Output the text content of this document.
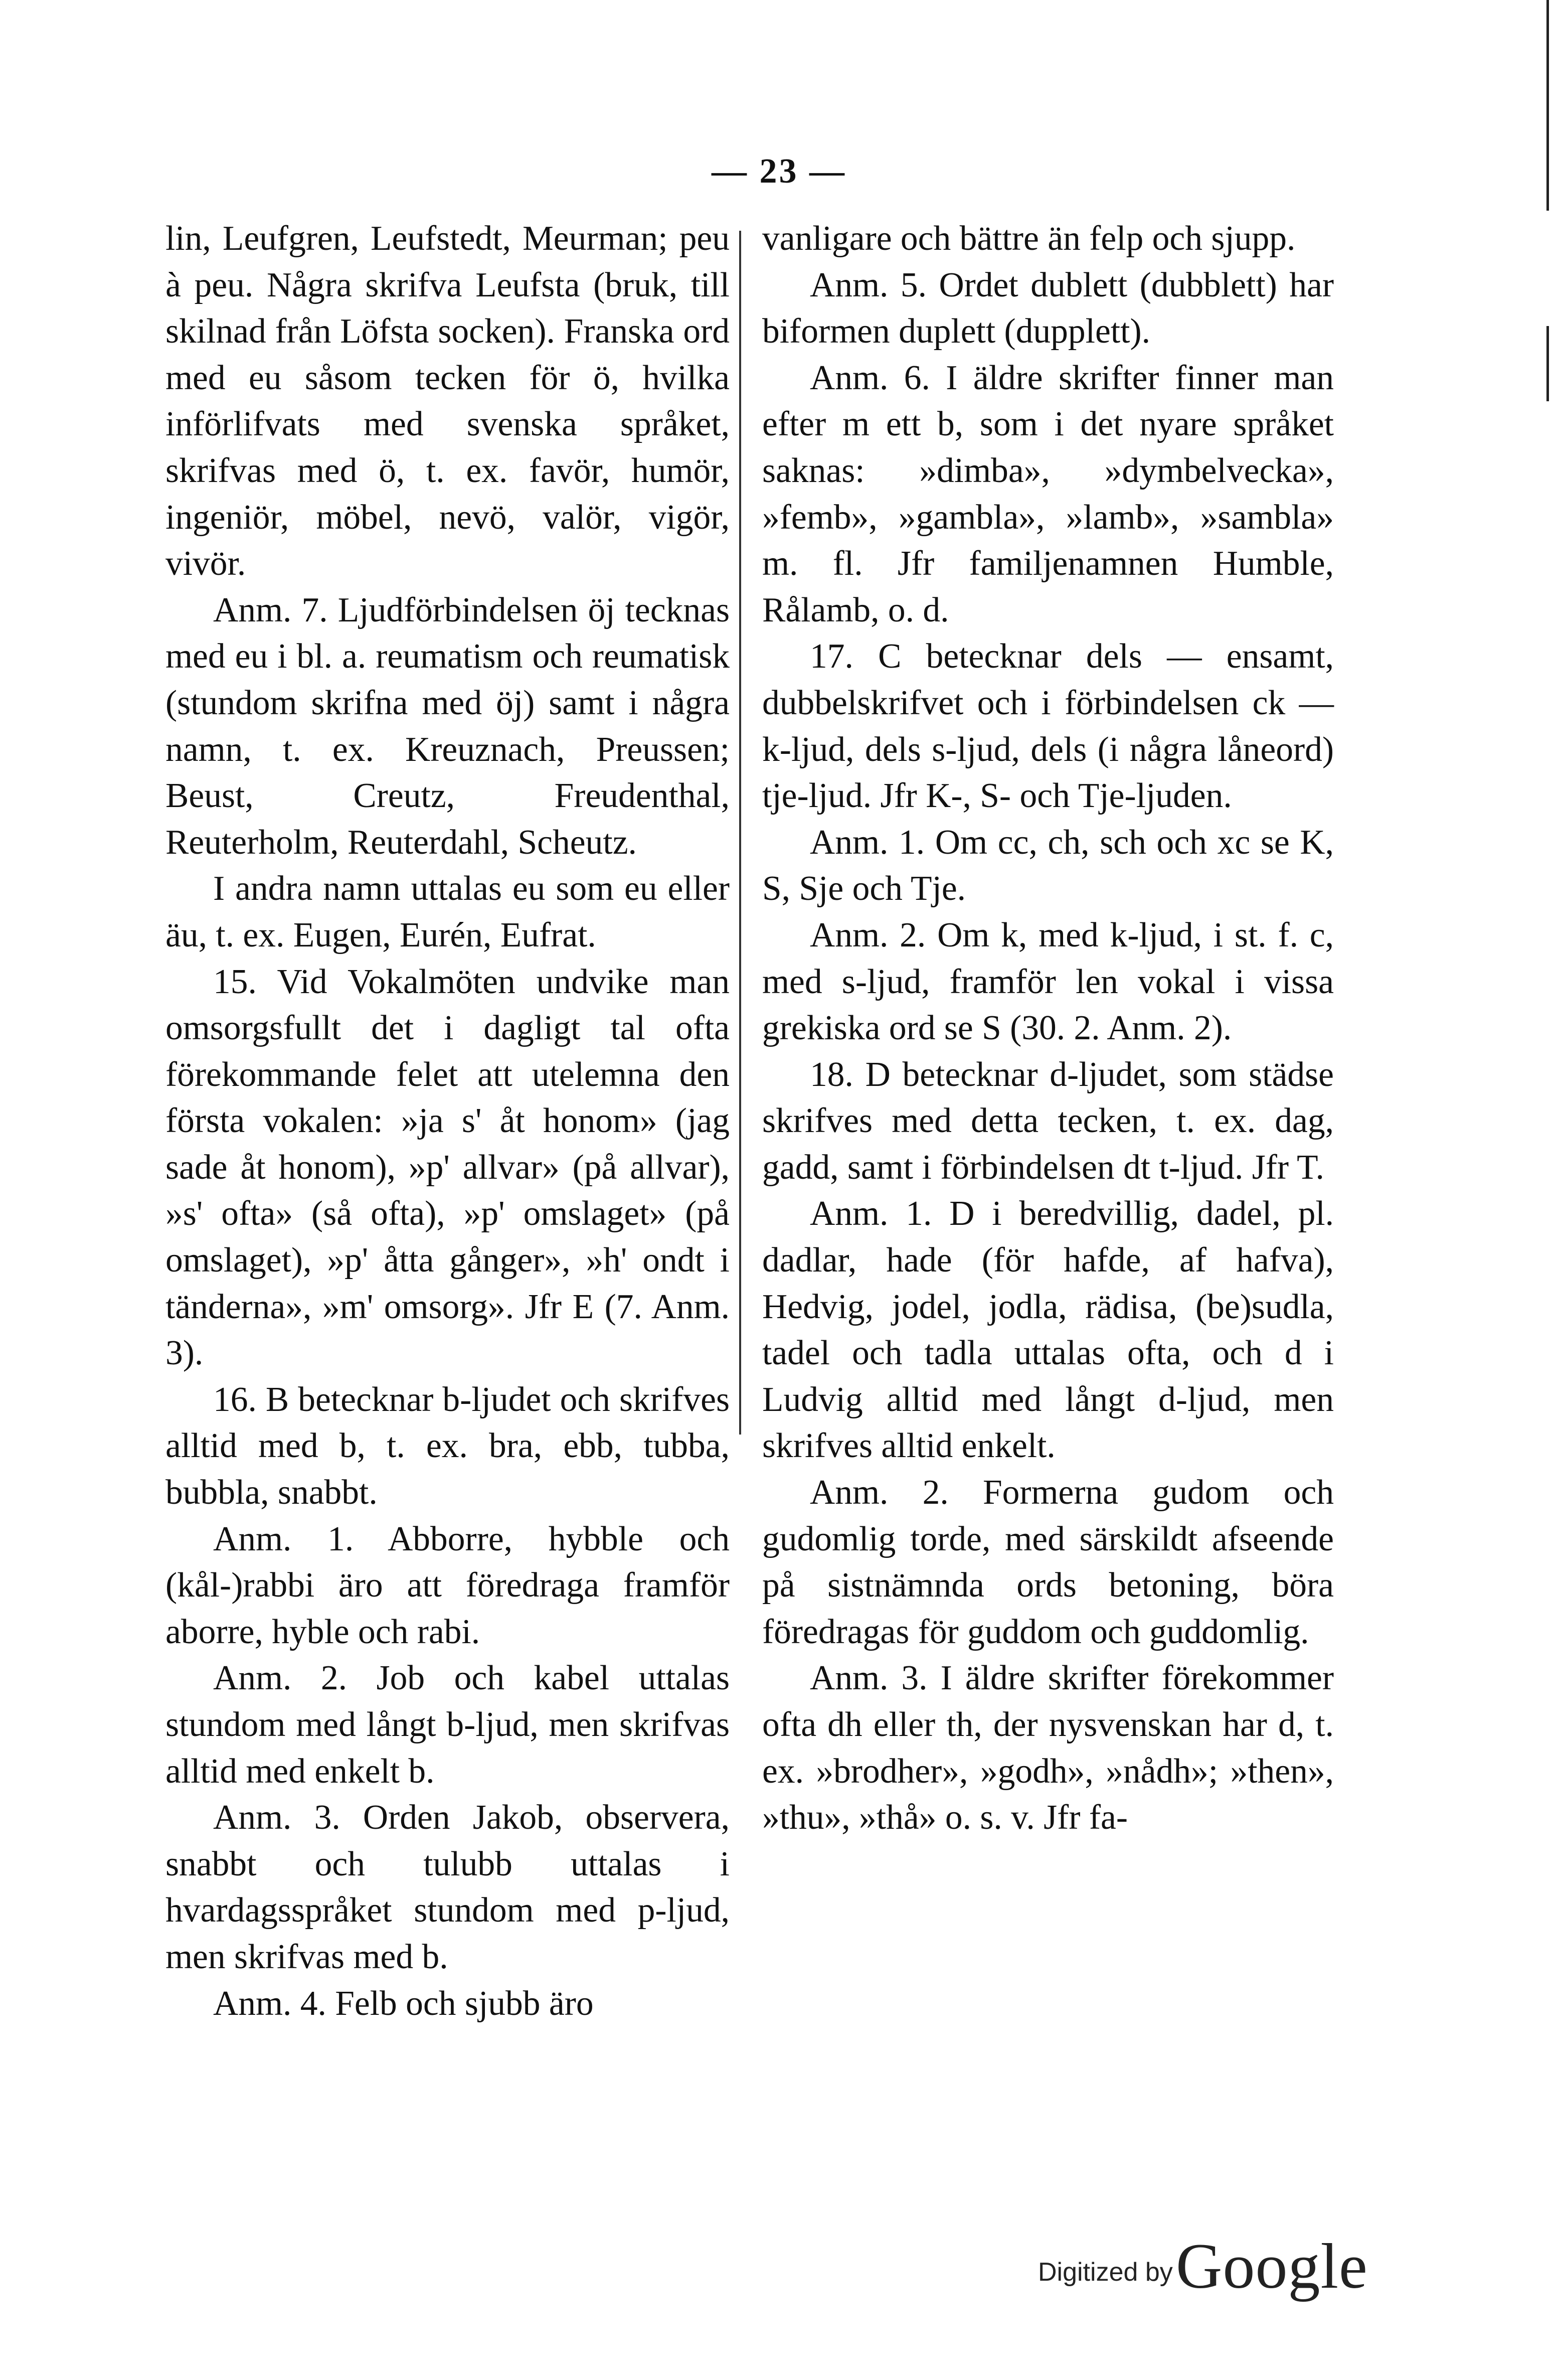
— 23 —

lin, Leufgren, Leufstedt, Meurman; peu à peu. Några skrifva Leufsta (bruk, till skilnad från Löfsta socken). Franska ord med eu såsom tecken för ö, hvilka införlifvats med svenska språket, skrifvas med ö, t. ex. favör, humör, ingeniör, möbel, nevö, valör, vigör, vivör.

Anm. 7. Ljudförbindelsen öj tecknas med eu i bl. a. reumatism och reumatisk (stundom skrifna med öj) samt i några namn, t. ex. Kreuznach, Preussen; Beust, Creutz, Freudenthal, Reuterholm, Reuterdahl, Scheutz.

I andra namn uttalas eu som eu eller äu, t. ex. Eugen, Eurén, Eufrat.

15. Vid Vokalmöten undvike man omsorgsfullt det i dagligt tal ofta förekommande felet att utelemna den första vokalen: »ja s' åt honom» (jag sade åt honom), »p' allvar» (på allvar), »s' ofta» (så ofta), »p' omslaget» (på omslaget), »p' åtta gånger», »h' ondt i tänderna», »m' omsorg». Jfr E (7. Anm. 3).

16. B betecknar b-ljudet och skrifves alltid med b, t. ex. bra, ebb, tubba, bubbla, snabbt.

Anm. 1. Abborre, hybble och (kål-)rabbi äro att föredraga framför aborre, hyble och rabi.

Anm. 2. Job och kabel uttalas stundom med långt b-ljud, men skrifvas alltid med enkelt b.

Anm. 3. Orden Jakob, observera, snabbt och tulubb uttalas i hvardagsspråket stundom med p-ljud, men skrifvas med b.

Anm. 4. Felb och sjubb äro

vanligare och bättre än felp och sjupp.

Anm. 5. Ordet dublett (dubblett) har biformen duplett (dupplett).

Anm. 6. I äldre skrifter finner man efter m ett b, som i det nyare språket saknas: »dimba», »dymbelvecka», »femb», »gambla», »lamb», »sambla» m. fl. Jfr familjenamnen Humble, Rålamb, o. d.

17. C betecknar dels — ensamt, dubbelskrifvet och i förbindelsen ck — k-ljud, dels s-ljud, dels (i några låneord) tje-ljud. Jfr K-, S- och Tje-ljuden.

Anm. 1. Om cc, ch, sch och xc se K, S, Sje och Tje.

Anm. 2. Om k, med k-ljud, i st. f. c, med s-ljud, framför len vokal i vissa grekiska ord se S (30. 2. Anm. 2).

18. D betecknar d-ljudet, som städse skrifves med detta tecken, t. ex. dag, gadd, samt i förbindelsen dt t-ljud. Jfr T.

Anm. 1. D i beredvillig, dadel, pl. dadlar, hade (för hafde, af hafva), Hedvig, jodel, jodla, rädisa, (be)sudla, tadel och tadla uttalas ofta, och d i Ludvig alltid med långt d-ljud, men skrifves alltid enkelt.

Anm. 2. Formerna gudom och gudomlig torde, med särskildt afseende på sistnämnda ords betoning, böra föredragas för guddom och guddomlig.

Anm. 3. I äldre skrifter förekommer ofta dh eller th, der nysvenskan har d, t. ex. »brodher», »godh», »nådh»; »then», »thu», »thå» o. s. v. Jfr fa-

Digitized by Google
